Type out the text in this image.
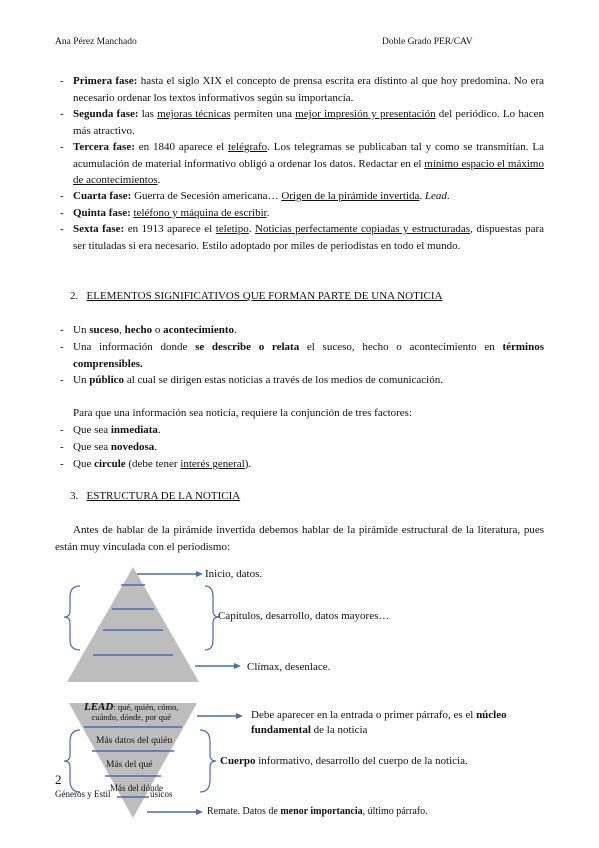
Ana Pérez Manchado	Doble Grado PER/CAV
- Primera fase: hasta el siglo XIX el concepto de prensa escrita era distinto al que hoy predomina. No era necesario ordenar los textos informativos según su importancia.
- Segunda fase: las mejoras técnicas permiten una mejor impresión y presentación del periódico. Lo hacen más atractivo.
- Tercera fase: en 1840 aparece el telégrafo. Los telegramas se publicaban tal y como se transmitían. La acumulación de material informativo obligó a ordenar los datos. Redactar en el mínimo espacio el máximo de acontecimientos.
- Cuarta fase: Guerra de Secesión americana… Origen de la pirámide invertida. Lead.
- Quinta fase: teléfono y máquina de escribir.
- Sexta fase: en 1913 aparece el teletipo. Noticias perfectamente copiadas y estructuradas, dispuestas para ser tituladas si era necesario. Estilo adoptado por miles de periodistas en todo el mundo.
2. ELEMENTOS SIGNIFICATIVOS QUE FORMAN PARTE DE UNA NOTICIA
- Un suceso, hecho o acontecimiento.
- Una información donde se describe o relata el suceso, hecho o acontecimiento en términos comprensibles.
- Un público al cual se dirigen estas noticias a través de los medios de comunicación.
Para que una información sea noticia, requiere la conjunción de tres factores:
- Que sea inmediata.
- Que sea novedosa.
- Que circule (debe tener interés general).
3. ESTRUCTURA DE LA NOTICIA
Antes de hablar de la pirámide invertida debemos hablar de la pirámide estructural de la literatura, pues están muy vinculada con el periodismo:
Inicio, datos.
Capítulos, desarrollo, datos mayores…
Clímax, desenlace.
LEAD: qué, quién, cómo,
cuándo, dónde, por qué
Más datos del quién
Más del qué
Más del dónde
Debe aparecer en la entrada o primer párrafo, es el núcleo fundamental de la noticia
Cuerpo informativo, desarrollo del cuerpo de la noticia.
Remate. Datos de menor importancia, último párrafo.
2
Géneros y Estil	úsicos
